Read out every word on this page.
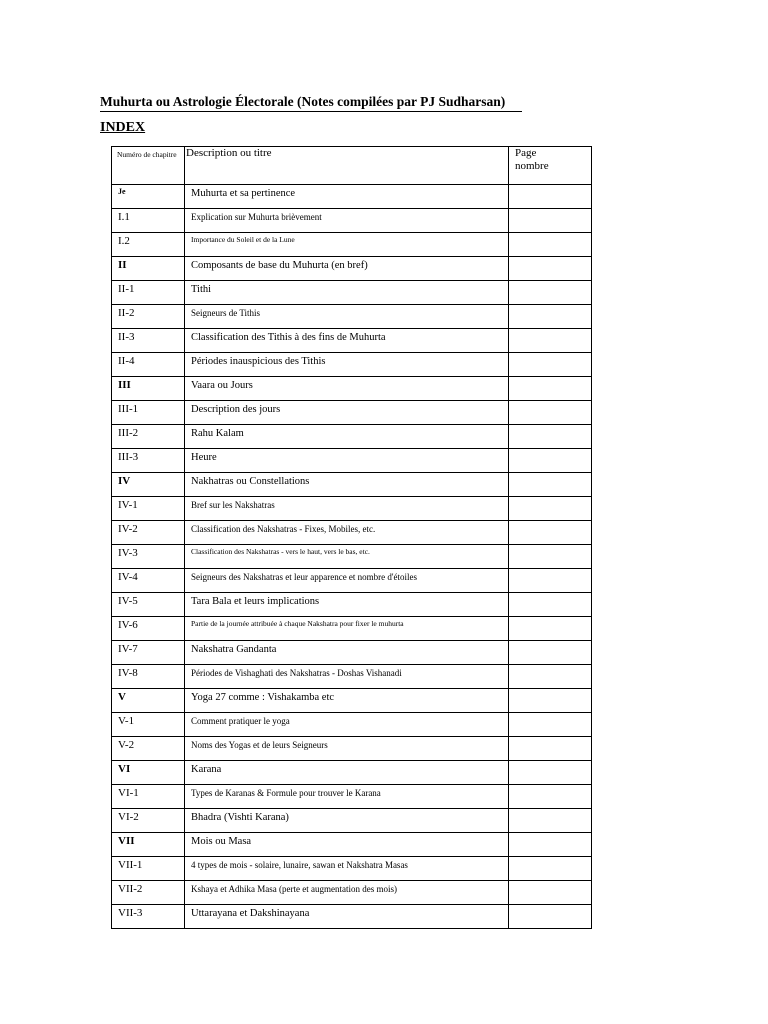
Muhurta ou Astrologie Électorale (Notes compilées par PJ Sudharsan)
INDEX
Numéro de chapitre	Description ou titre	Page
nombre

Je	Muhurta et sa pertinence	

I.1	Explication sur Muhurta brièvement	

I.2	Importance du Soleil et de la Lune	

II	Composants de base du Muhurta (en bref)	

II-1	Tithi	

II-2	Seigneurs de Tithis	

II-3	Classification des Tithis à des fins de Muhurta	

II-4	Périodes inauspicious des Tithis	

III	Vaara ou Jours	

III-1	Description des jours	

III-2	Rahu Kalam	

III-3	Heure	

IV	Nakhatras ou Constellations	

IV-1	Bref sur les Nakshatras	

IV-2	Classification des Nakshatras - Fixes, Mobiles, etc.	

IV-3	Classification des Nakshatras - vers le haut, vers le bas, etc.	

IV-4	Seigneurs des Nakshatras et leur apparence et nombre d'étoiles	

IV-5	Tara Bala et leurs implications	

IV-6	Partie de la journée attribuée à chaque Nakshatra pour fixer le muhurta	

IV-7	Nakshatra Gandanta	

IV-8	Périodes de Vishaghati des Nakshatras - Doshas Vishanadi	

V	Yoga 27 comme : Vishakamba etc	

V-1	Comment pratiquer le yoga	

V-2	Noms des Yogas et de leurs Seigneurs	

VI	Karana	

VI-1	Types de Karanas & Formule pour trouver le Karana	

VI-2	Bhadra (Vishti Karana)	

VII	Mois ou Masa	

VII-1	4 types de mois - solaire, lunaire, sawan et Nakshatra Masas	

VII-2	Kshaya et Adhika Masa (perte et augmentation des mois)	

VII-3	Uttarayana et Dakshinayana	
